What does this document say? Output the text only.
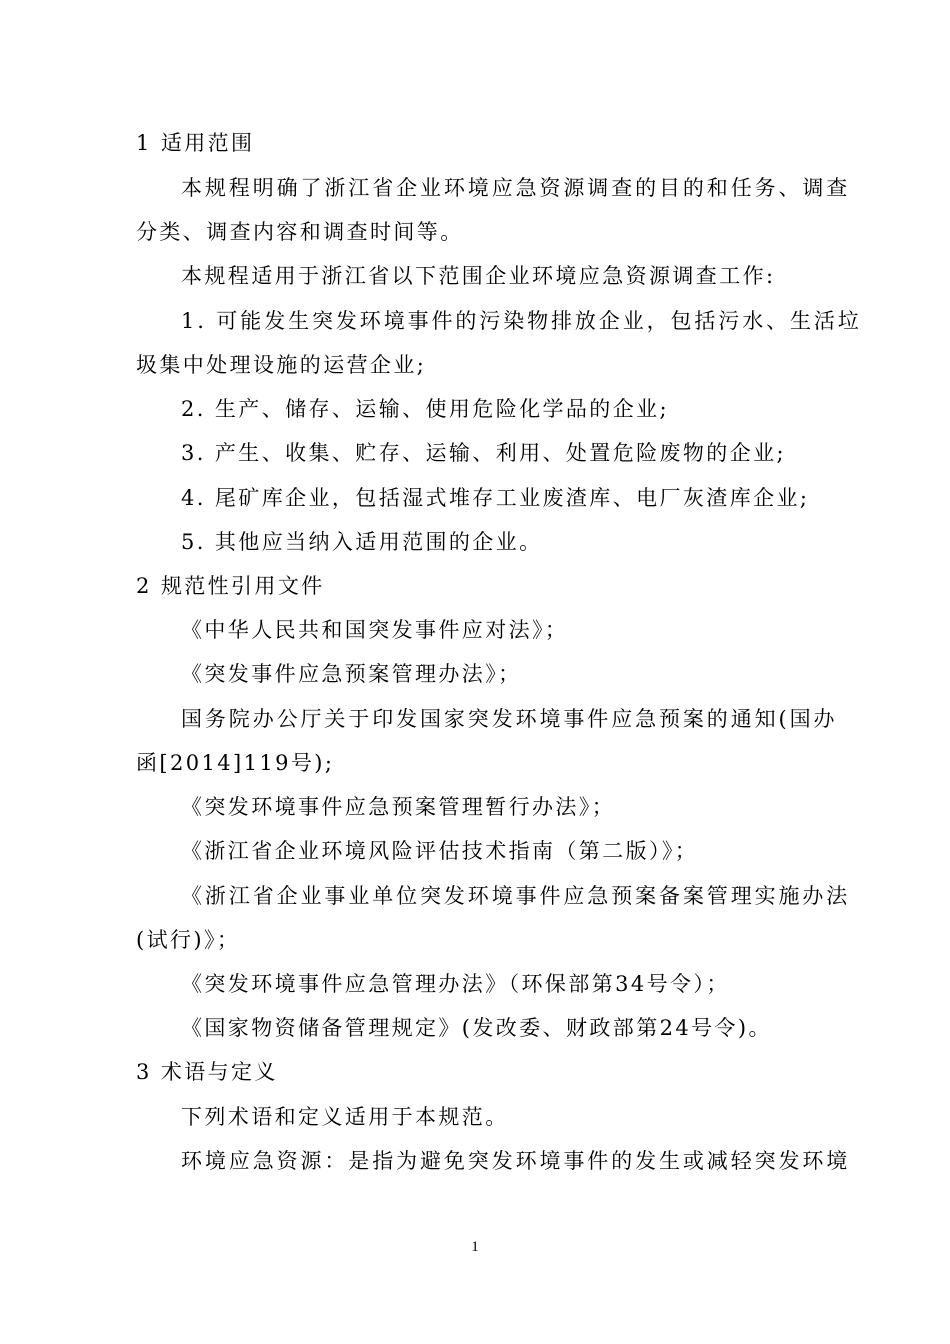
1 适用范围
本规程明确了浙江省企业环境应急资源调查的目的和任务、调查
分类、调查内容和调查时间等。
本规程适用于浙江省以下范围企业环境应急资源调查工作:
1. 可能发生突发环境事件的污染物排放企业，包括污水、生活垃
圾集中处理设施的运营企业;
2. 生产、储存、运输、使用危险化学品的企业;
3. 产生、收集、贮存、运输、利用、处置危险废物的企业;
4. 尾矿库企业，包括湿式堆存工业废渣库、电厂灰渣库企业;
5. 其他应当纳入适用范围的企业。
2 规范性引用文件
《中华人民共和国突发事件应对法》；
《突发事件应急预案管理办法》；
国务院办公厅关于印发国家突发环境事件应急预案的通知(国办
函[2014]119号);
《突发环境事件应急预案管理暂行办法》；
《浙江省企业环境风险评估技术指南（第二版）》；
《浙江省企业事业单位突发环境事件应急预案备案管理实施办法
(试行)》；
《突发环境事件应急管理办法》（环保部第34号令）；
《国家物资储备管理规定》(发改委、财政部第24号令)。
3 术语与定义
下列术语和定义适用于本规范。
环境应急资源：是指为避免突发环境事件的发生或减轻突发环境
1
